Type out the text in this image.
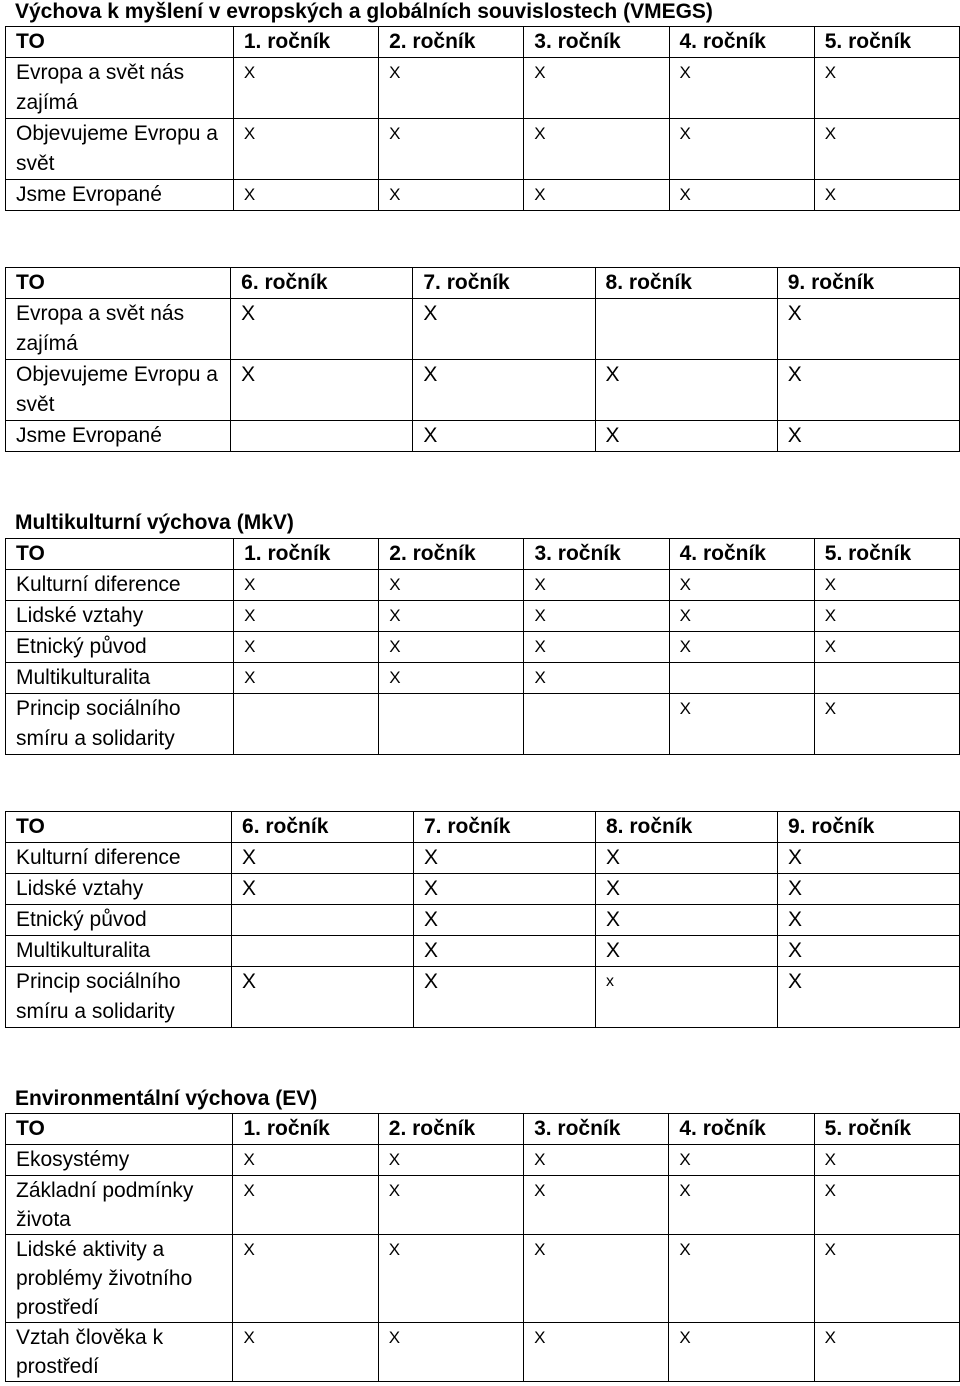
Výchova k myšlení v evropských a globálních souvislostech (VMEGS)
TO	1. ročník	2. ročník	3. ročník	4. ročník	5. ročník
Evropa a svět nás zajímá	X	X	X	X	X
Objevujeme Evropu a svět	X	X	X	X	X
Jsme Evropané	X	X	X	X	X
TO	6. ročník	7. ročník	8. ročník	9. ročník
Evropa a svět nás zajímá	X	X		X
Objevujeme Evropu a svět	X	X	X	X
Jsme Evropané		X	X	X
Multikulturní výchova (MkV)
TO	1. ročník	2. ročník	3. ročník	4. ročník	5. ročník
Kulturní diference	X	X	X	X	X
Lidské vztahy	X	X	X	X	X
Etnický původ	X	X	X	X	X
Multikulturalita	X	X	X		
Princip sociálního smíru a solidarity				X	X
TO	6. ročník	7. ročník	8. ročník	9. ročník
Kulturní diference	X	X	X	X
Lidské vztahy	X	X	X	X
Etnický původ		X	X	X
Multikulturalita		X	X	X
Princip sociálního smíru a solidarity	X	X	x	X
Environmentální výchova (EV)
TO	1. ročník	2. ročník	3. ročník	4. ročník	5. ročník
Ekosystémy	X	X	X	X	X
Základní podmínky života	X	X	X	X	X
Lidské aktivity a problémy životního prostředí	X	X	X	X	X
Vztah člověka k prostředí	X	X	X	X	X
